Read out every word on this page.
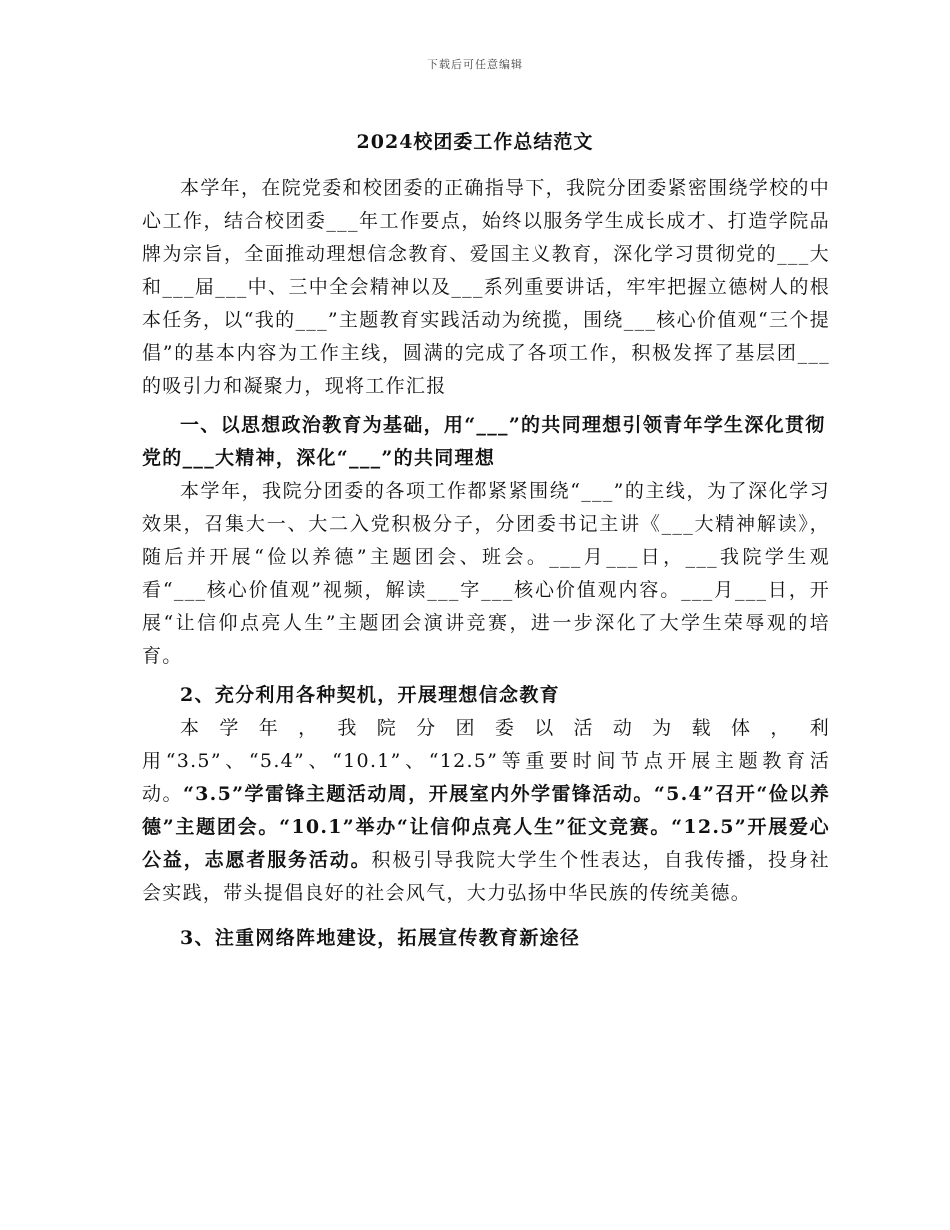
下载后可任意编辑
2024校团委工作总结范文

本学年，在院党委和校团委的正确指导下，我院分团委紧密围绕学校的中心工作，结合校团委___年工作要点，始终以服务学生成长成才、打造学院品牌为宗旨，全面推动理想信念教育、爱国主义教育，深化学习贯彻党的___大和___届___中、三中全会精神以及___系列重要讲话，牢牢把握立德树人的根本任务，以“我的___”主题教育实践活动为统揽，围绕___核心价值观“三个提倡”的基本内容为工作主线，圆满的完成了各项工作，积极发挥了基层团___的吸引力和凝聚力，现将工作汇报

一、以思想政治教育为基础，用“___”的共同理想引领青年学生深化贯彻党的___大精神，深化“___”的共同理想

本学年，我院分团委的各项工作都紧紧围绕“___”的主线，为了深化学习效果，召集大一、大二入党积极分子，分团委书记主讲《___大精神解读》，随后并开展“俭以养德”主题团会、班会。___月___日，___我院学生观看“___核心价值观”视频，解读___字___核心价值观内容。___月___日，开展“让信仰点亮人生”主题团会演讲竞赛，进一步深化了大学生荣辱观的培育。

2、充分利用各种契机，开展理想信念教育

本学年，我院分团委以活动为载体，利用“3.5”、“5.4”、“10.1”、“12.5”等重要时间节点开展主题教育活动。“3.5”学雷锋主题活动周，开展室内外学雷锋活动。“5.4”召开“俭以养德”主题团会。“10.1”举办“让信仰点亮人生”征文竞赛。“12.5”开展爱心公益，志愿者服务活动。积极引导我院大学生个性表达，自我传播，投身社会实践，带头提倡良好的社会风气，大力弘扬中华民族的传统美德。

3、注重网络阵地建设，拓展宣传教育新途径
